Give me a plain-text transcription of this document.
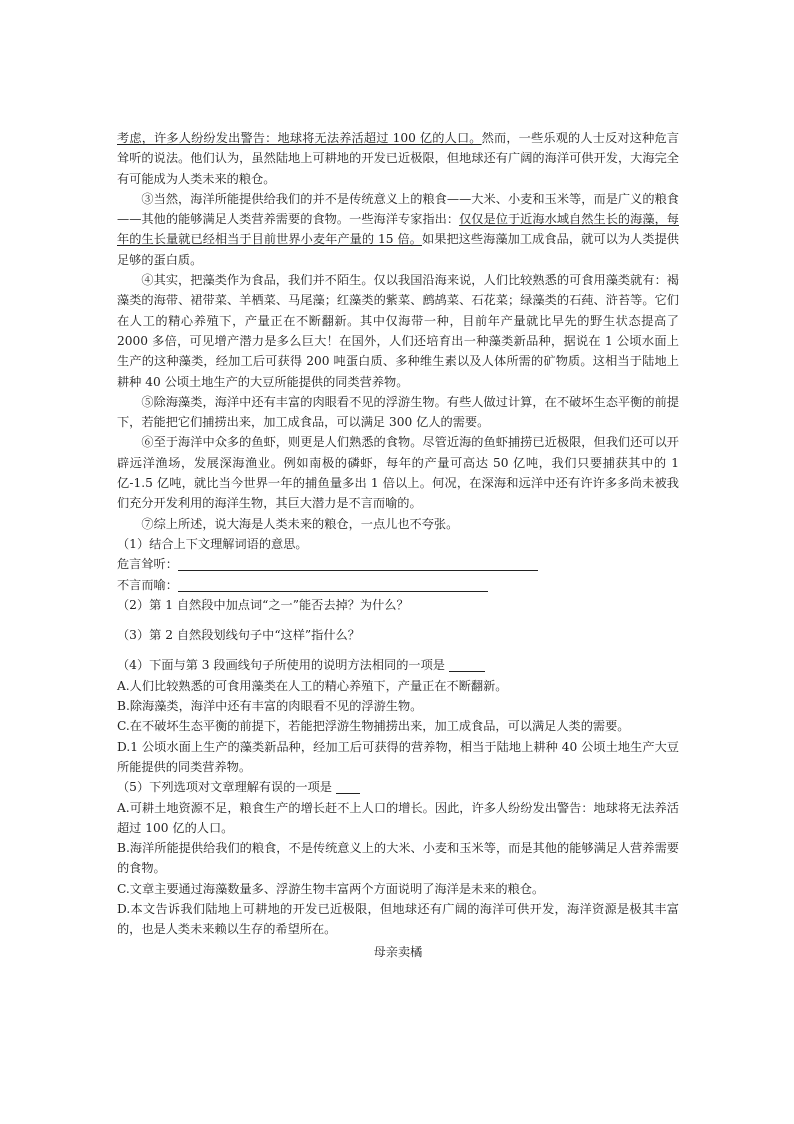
考虑，许多人纷纷发出警告：地球将无法养活超过 100 亿的人口。然而，一些乐观的人士反对这种危言耸听的说法。他们认为，虽然陆地上可耕地的开发已近极限，但地球还有广阔的海洋可供开发，大海完全有可能成为人类未来的粮仓。

③当然，海洋所能提供给我们的并不是传统意义上的粮食——大米、小麦和玉米等，而是广义的粮食——其他的能够满足人类营养需要的食物。一些海洋专家指出：仅仅是位于近海水域自然生长的海藻，每年的生长量就已经相当于目前世界小麦年产量的 15 倍。如果把这些海藻加工成食品，就可以为人类提供足够的蛋白质。

④其实，把藻类作为食品，我们并不陌生。仅以我国沿海来说，人们比较熟悉的可食用藻类就有：褐藻类的海带、裙带菜、羊栖菜、马尾藻；红藻类的紫菜、鹧鸪菜、石花菜；绿藻类的石莼、浒苔等。它们在人工的精心养殖下，产量正在不断翻新。其中仅海带一种，目前年产量就比早先的野生状态提高了 2000 多倍，可见增产潜力是多么巨大！在国外，人们还培育出一种藻类新品种，据说在 1 公顷水面上生产的这种藻类，经加工后可获得 200 吨蛋白质、多种维生素以及人体所需的矿物质。这相当于陆地上耕种 40 公顷土地生产的大豆所能提供的同类营养物。

⑤除海藻类，海洋中还有丰富的肉眼看不见的浮游生物。有些人做过计算，在不破坏生态平衡的前提下，若能把它们捕捞出来，加工成食品，可以满足 300 亿人的需要。

⑥至于海洋中众多的鱼虾，则更是人们熟悉的食物。尽管近海的鱼虾捕捞已近极限，但我们还可以开辟远洋渔场，发展深海渔业。例如南极的磷虾，每年的产量可高达 50 亿吨，我们只要捕获其中的 1 亿-1.5 亿吨，就比当今世界一年的捕鱼量多出 1 倍以上。何况，在深海和远洋中还有许许多多尚未被我们充分开发利用的海洋生物，其巨大潜力是不言而喻的。

⑦综上所述，说大海是人类未来的粮仓，一点儿也不夸张。

（1）结合上下文理解词语的意思。

危言耸听：

不言而喻：

（2）第 1 自然段中加点词“之一”能否去掉？为什么？

（3）第 2 自然段划线句子中“这样”指什么？

（4）下面与第 3 段画线句子所使用的说明方法相同的一项是

A.人们比较熟悉的可食用藻类在人工的精心养殖下，产量正在不断翻新。

B.除海藻类，海洋中还有丰富的肉眼看不见的浮游生物。

C.在不破坏生态平衡的前提下，若能把浮游生物捕捞出来，加工成食品，可以满足人类的需要。

D.1 公顷水面上生产的藻类新品种，经加工后可获得的营养物，相当于陆地上耕种 40 公顷土地生产大豆所能提供的同类营养物。

（5）下列选项对文章理解有误的一项是

A.可耕土地资源不足，粮食生产的增长赶不上人口的增长。因此，许多人纷纷发出警告：地球将无法养活超过 100 亿的人口。

B.海洋所能提供给我们的粮食，不是传统意义上的大米、小麦和玉米等，而是其他的能够满足人营养需要的食物。

C.文章主要通过海藻数量多、浮游生物丰富两个方面说明了海洋是未来的粮仓。

D.本文告诉我们陆地上可耕地的开发已近极限，但地球还有广阔的海洋可供开发，海洋资源是极其丰富的，也是人类未来赖以生存的希望所在。

母亲卖橘
